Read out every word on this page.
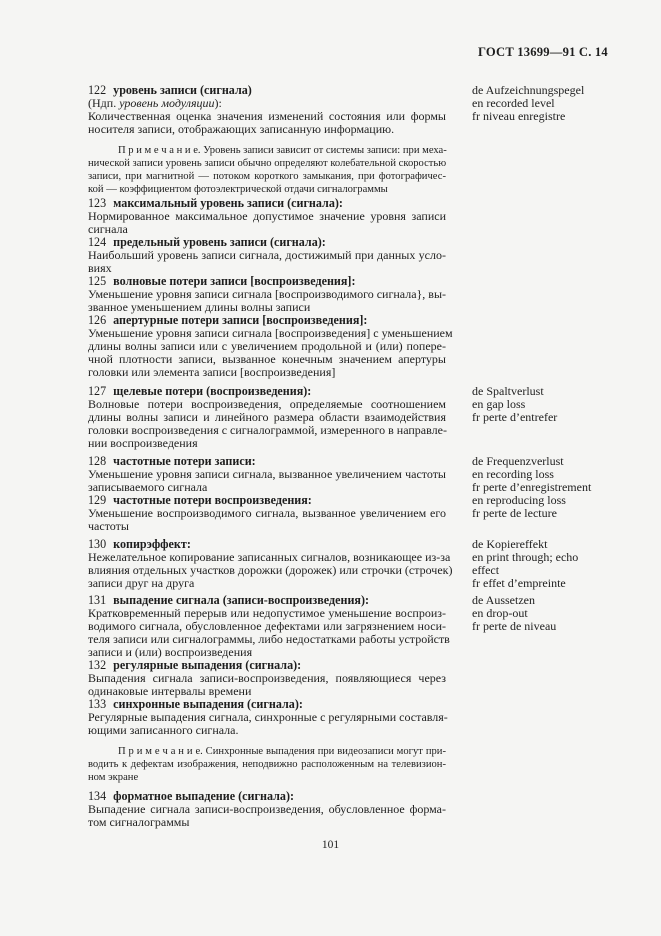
ГОСТ 13699—91 С. 14
122 уровень записи (сигнала)
(Ндп. уровень модуляции):
Количественная оценка значения изменений состояния или формы
носителя записи, отображающих записанную информацию.
П р и м е ч а н и е. Уровень записи зависит от системы записи: при меха-
нической записи уровень записи обычно определяют колебательной скоростью
записи, при магнитной — потоком короткого замыкания, при фотографичес-
кой — коэффициентом фотоэлектрической отдачи сигналограммы
de Aufzeichnungspegel
en recorded level
fr niveau enregistre
123 максимальный уровень записи (сигнала):
Нормированное максимальное допустимое значение уровня записи
сигнала
124 предельный уровень записи (сигнала):
Наибольший уровень записи сигнала, достижимый при данных усло-
виях
125 волновые потери записи [воспроизведения]:
Уменьшение уровня записи сигнала [воспроизводимого сигнала}, вы-
званное уменьшением длины волны записи
126 апертурные потери записи [воспроизведения]:
Уменьшение уровня записи сигнала [воспроизведения] с уменьшением
длины волны записи или с увеличением продольной и (или) попере-
чной плотности записи, вызванное конечным значением апертуры
головки или элемента записи [воспроизведения]
127 щелевые потери (воспроизведения):
Волновые потери воспроизведения, определяемые соотношением
длины волны записи и линейного размера области взаимодействия
головки воспроизведения с сигналограммой, измеренного в направле-
нии воспроизведения
de Spaltverlust
en gap loss
fr perte d’entrefer
128 частотные потери записи:
Уменьшение уровня записи сигнала, вызванное увеличением частоты
записываемого сигнала
de Frequenzverlust
en recording loss
fr perte d’enregistrement
129 частотные потери воспроизведения:
Уменьшение воспроизводимого сигнала, вызванное увеличением его
частоты
en reproducing loss
fr perte de lecture
130 копирэффект:
Нежелательное копирование записанных сигналов, возникающее из-за
влияния отдельных участков дорожки (дорожек) или строчки (строчек)
записи друг на друга
de Kopiereffekt
en print through; echo
effect
fr effet d’empreinte
131 выпадение сигнала (записи-воспроизведения):
Кратковременный перерыв или недопустимое уменьшение воспроиз-
водимого сигнала, обусловленное дефектами или загрязнением носи-
теля записи или сигналограммы, либо недостатками работы устройств
записи и (или) воспроизведения
de Aussetzen
en drop-out
fr perte de niveau
132 регулярные выпадения (сигнала):
Выпадения сигнала записи-воспроизведения, появляющиеся через
одинаковые интервалы времени
133 синхронные выпадения (сигнала):
Регулярные выпадения сигнала, синхронные с регулярными составля-
ющими записанного сигнала.
П р и м е ч а н и е. Синхронные выпадения при видеозаписи могут при-
водить к дефектам изображения, неподвижно расположенным на телевизион-
ном экране
134 форматное выпадение (сигнала):
Выпадение сигнала записи-воспроизведения, обусловленное форма-
том сигналограммы
101
